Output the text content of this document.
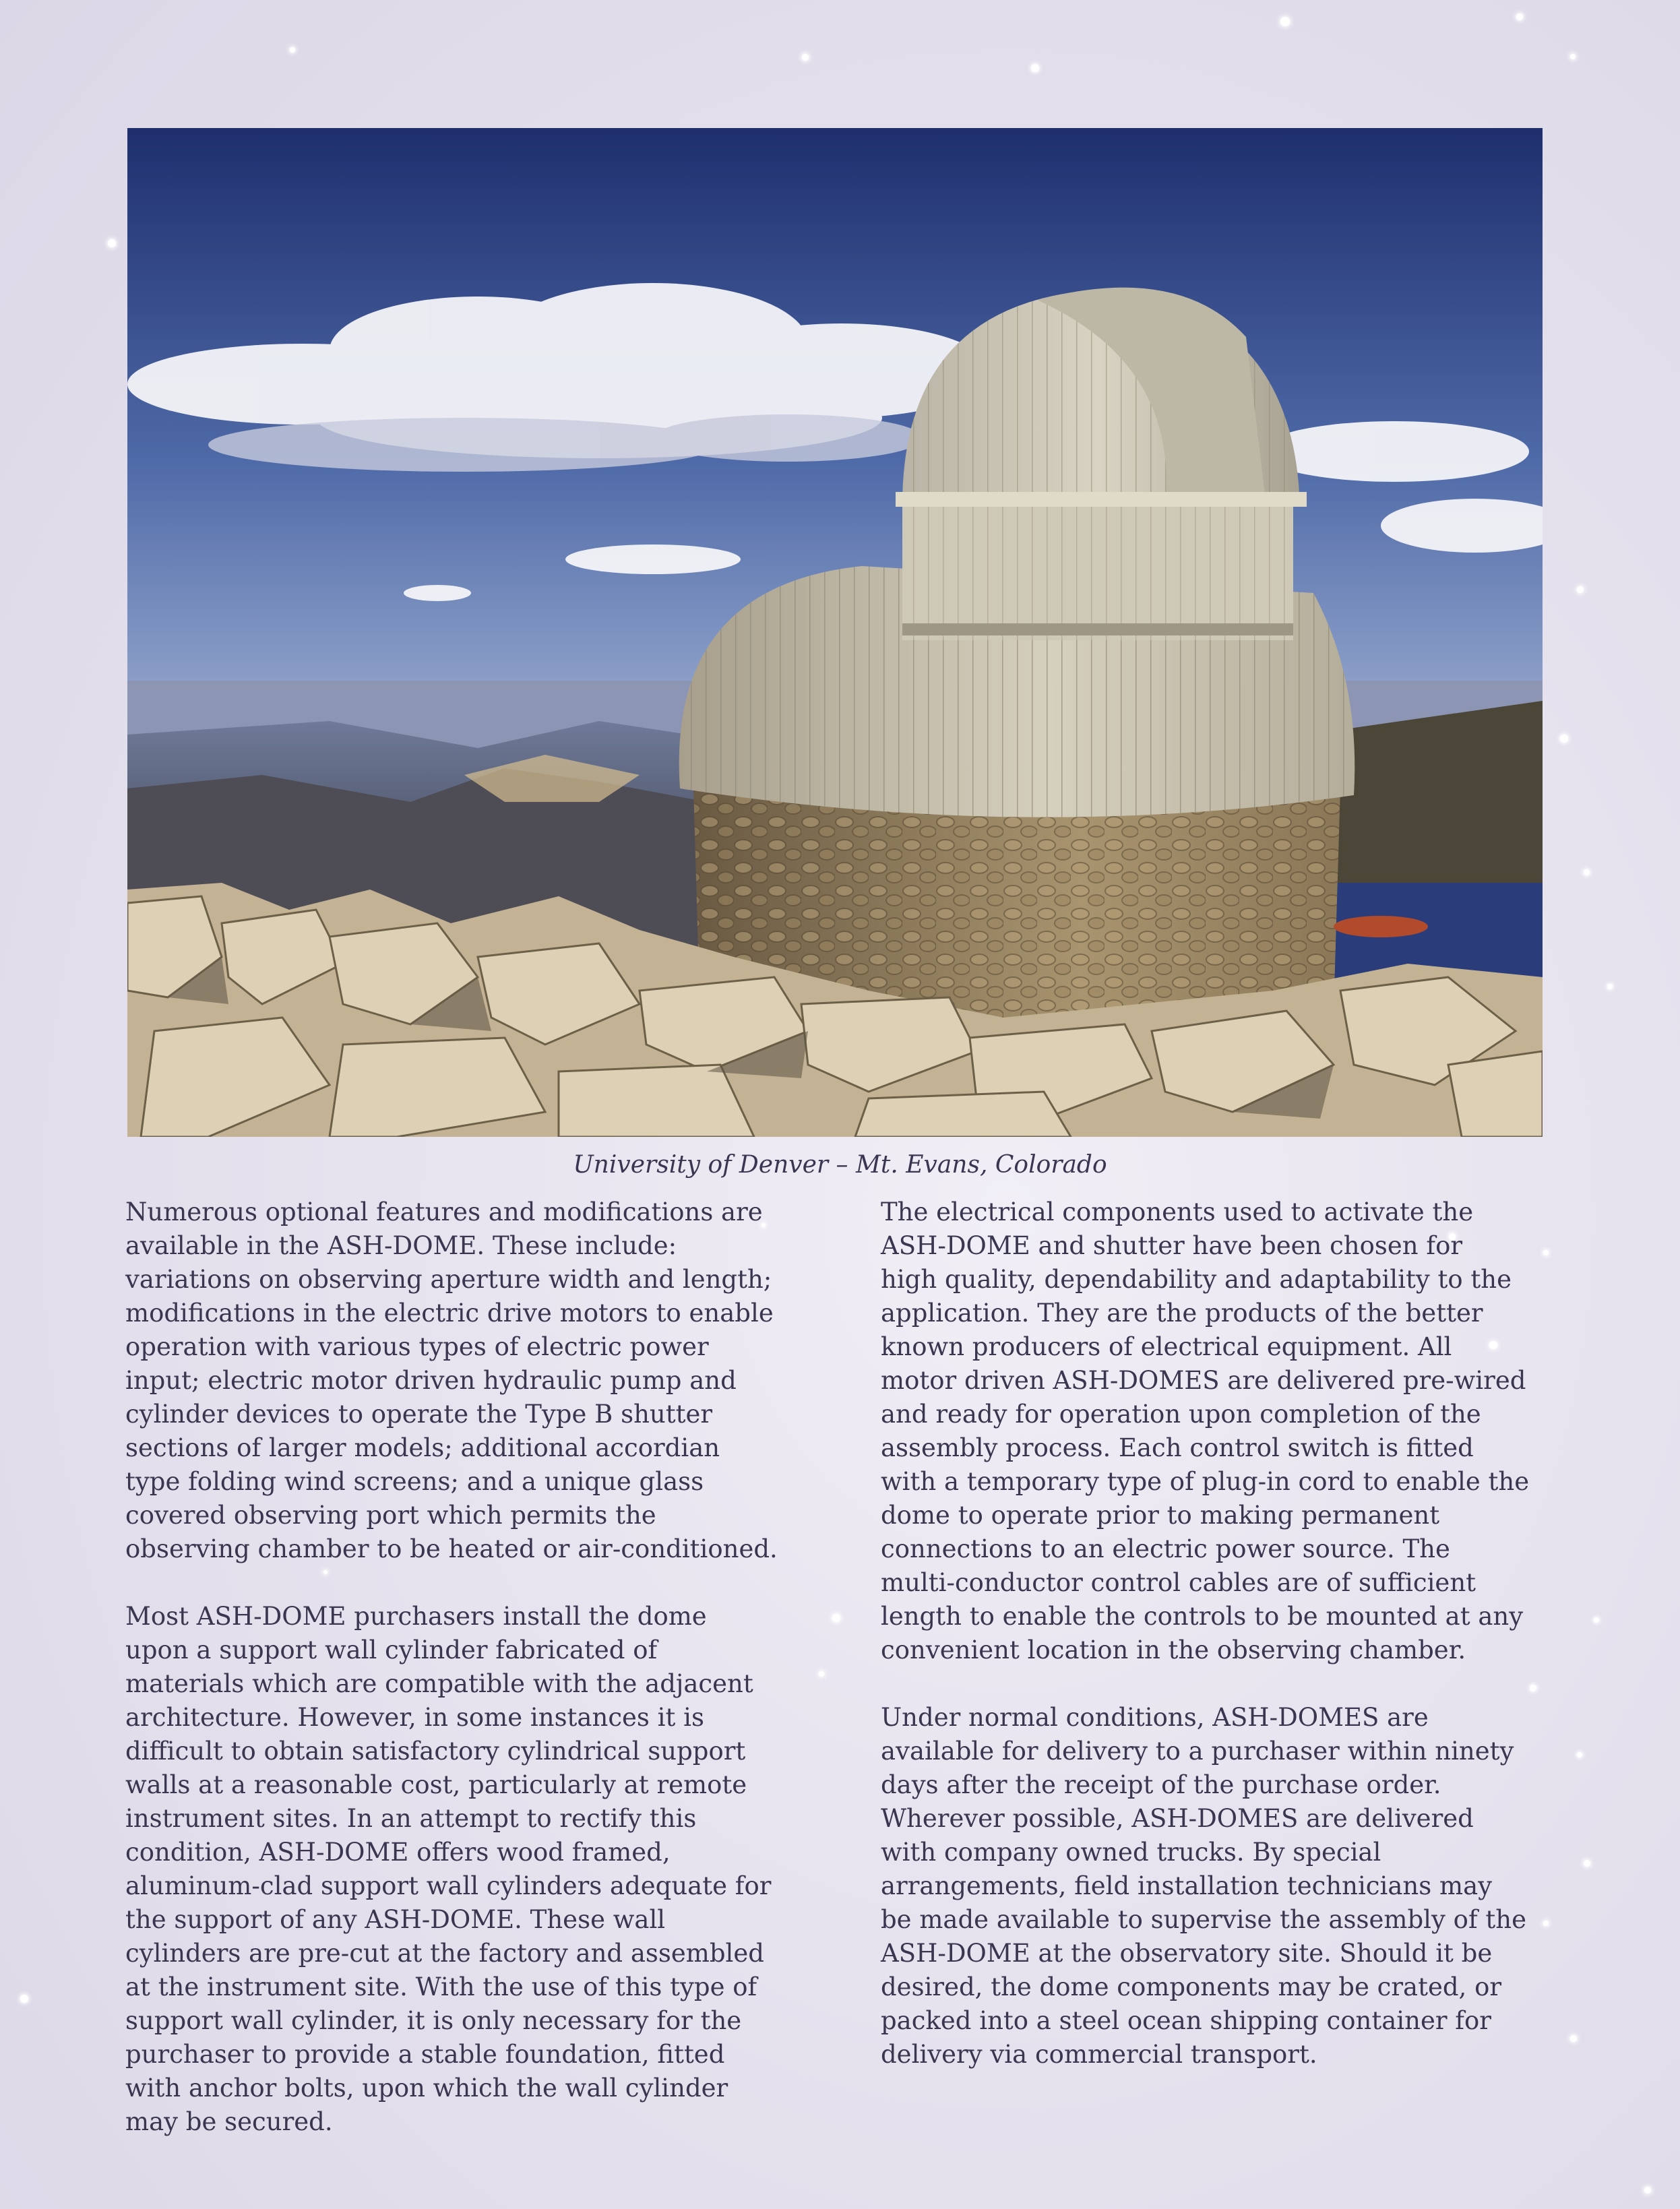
University of Denver – Mt. Evans, Colorado

Numerous optional features and modifications are
available in the ASH-DOME. These include:
variations on observing aperture width and length;
modifications in the electric drive motors to enable
operation with various types of electric power
input; electric motor driven hydraulic pump and
cylinder devices to operate the Type B shutter
sections of larger models; additional accordian
type folding wind screens; and a unique glass
covered observing port which permits the
observing chamber to be heated or air-conditioned.

Most ASH-DOME purchasers install the dome
upon a support wall cylinder fabricated of
materials which are compatible with the adjacent
architecture. However, in some instances it is
difficult to obtain satisfactory cylindrical support
walls at a reasonable cost, particularly at remote
instrument sites. In an attempt to rectify this
condition, ASH-DOME offers wood framed,
aluminum-clad support wall cylinders adequate for
the support of any ASH-DOME. These wall
cylinders are pre-cut at the factory and assembled
at the instrument site. With the use of this type of
support wall cylinder, it is only necessary for the
purchaser to provide a stable foundation, fitted
with anchor bolts, upon which the wall cylinder
may be secured.

The electrical components used to activate the
ASH-DOME and shutter have been chosen for
high quality, dependability and adaptability to the
application. They are the products of the better
known producers of electrical equipment. All
motor driven ASH-DOMES are delivered pre-wired
and ready for operation upon completion of the
assembly process. Each control switch is fitted
with a temporary type of plug-in cord to enable the
dome to operate prior to making permanent
connections to an electric power source. The
multi-conductor control cables are of sufficient
length to enable the controls to be mounted at any
convenient location in the observing chamber.

Under normal conditions, ASH-DOMES are
available for delivery to a purchaser within ninety
days after the receipt of the purchase order.
Wherever possible, ASH-DOMES are delivered
with company owned trucks. By special
arrangements, field installation technicians may
be made available to supervise the assembly of the
ASH-DOME at the observatory site. Should it be
desired, the dome components may be crated, or
packed into a steel ocean shipping container for
delivery via commercial transport.
